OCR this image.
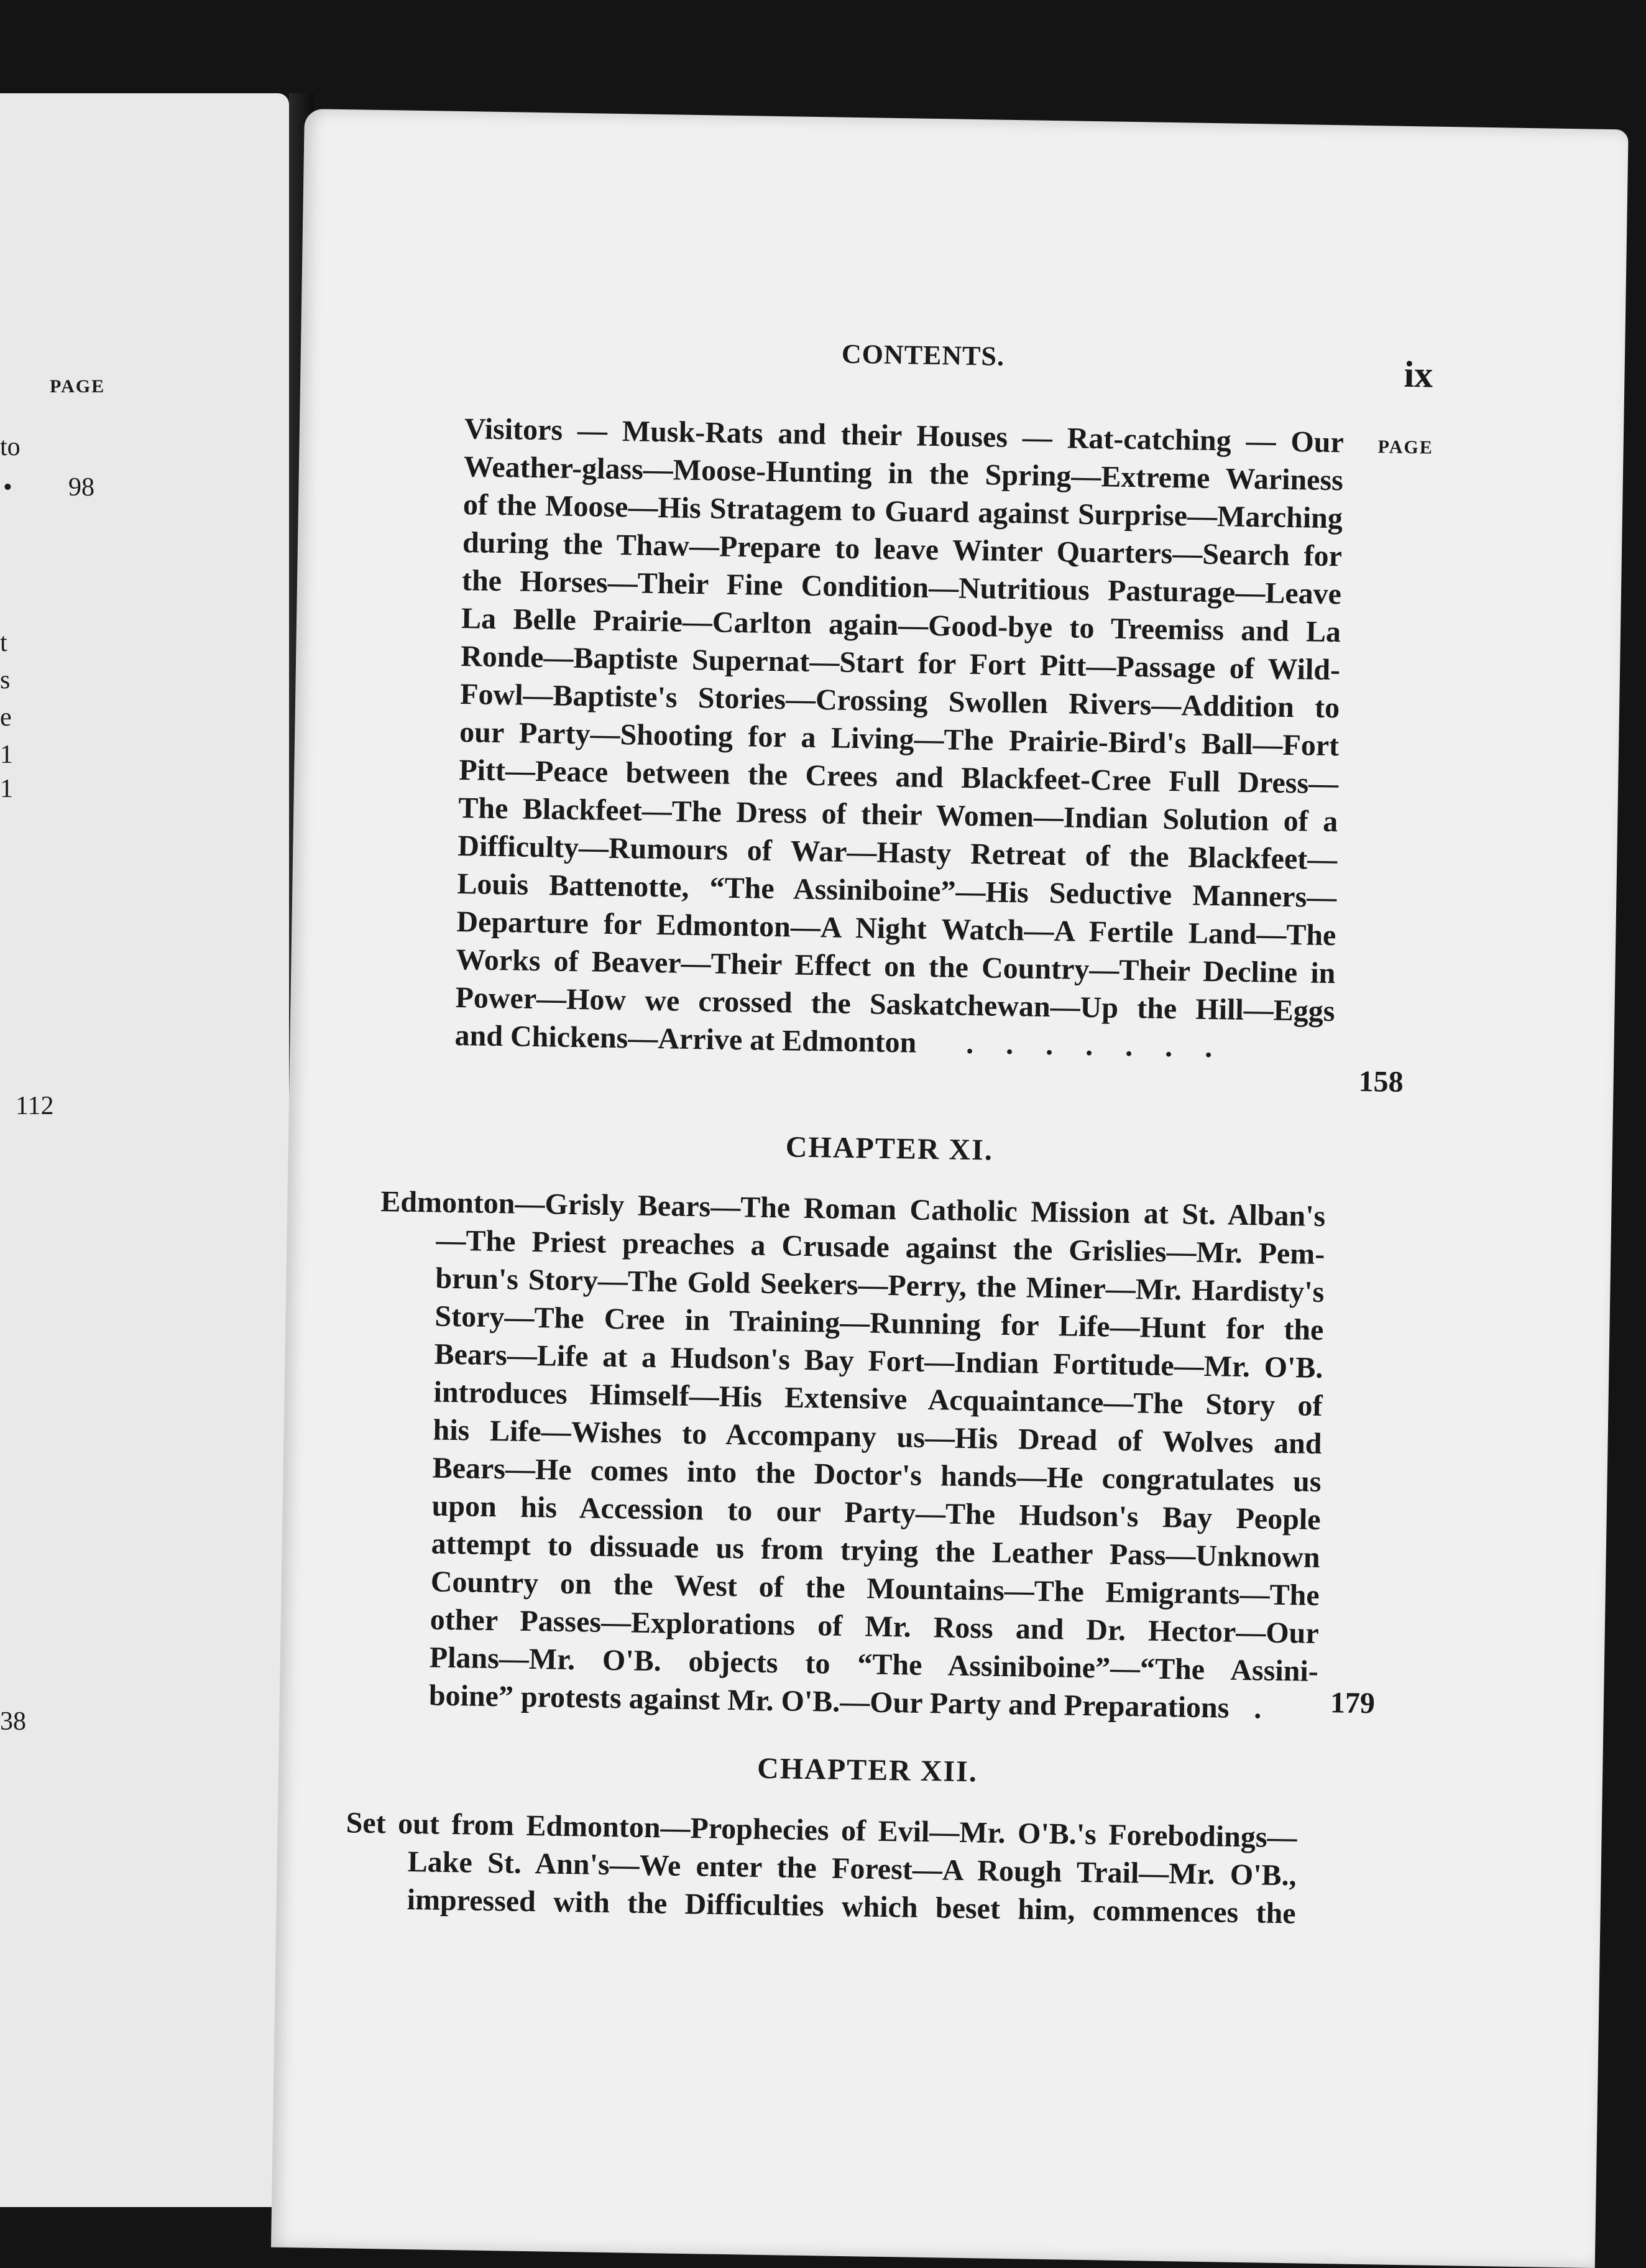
PAGE
to
• 98
t
s
e
1
1
112
38
CONTENTS.	ix
PAGE
Visitors — Musk-Rats and their Houses — Rat-catching — Our
Weather-glass—Moose-Hunting in the Spring—Extreme Wariness
of the Moose—His Stratagem to Guard against Surprise—Marching
during the Thaw—Prepare to leave Winter Quarters—Search for
the Horses—Their Fine Condition—Nutritious Pasturage—Leave
La Belle Prairie—Carlton again—Good-bye to Treemiss and La
Ronde—Baptiste Supernat—Start for Fort Pitt—Passage of Wild-
Fowl—Baptiste's Stories—Crossing Swollen Rivers—Addition to
our Party—Shooting for a Living—The Prairie-Bird's Ball—Fort
Pitt—Peace between the Crees and Blackfeet-Cree Full Dress—
The Blackfeet—The Dress of their Women—Indian Solution of a
Difficulty—Rumours of War—Hasty Retreat of the Blackfeet—
Louis Battenotte, “The Assiniboine”—His Seductive Manners—
Departure for Edmonton—A Night Watch—A Fertile Land—The
Works of Beaver—Their Effect on the Country—Their Decline in
Power—How we crossed the Saskatchewan—Up the Hill—Eggs
and Chickens—Arrive at Edmonton . . . . . . .
158
CHAPTER XI.
Edmonton—Grisly Bears—The Roman Catholic Mission at St. Alban's
—The Priest preaches a Crusade against the Grislies—Mr. Pem-
brun's Story—The Gold Seekers—Perry, the Miner—Mr. Hardisty's
Story—The Cree in Training—Running for Life—Hunt for the
Bears—Life at a Hudson's Bay Fort—Indian Fortitude—Mr. O'B.
introduces Himself—His Extensive Acquaintance—The Story of
his Life—Wishes to Accompany us—His Dread of Wolves and
Bears—He comes into the Doctor's hands—He congratulates us
upon his Accession to our Party—The Hudson's Bay People
attempt to dissuade us from trying the Leather Pass—Unknown
Country on the West of the Mountains—The Emigrants—The
other Passes—Explorations of Mr. Ross and Dr. Hector—Our
Plans—Mr. O'B. objects to “The Assiniboine”—“The Assini-
boine” protests against Mr. O'B.—Our Party and Preparations .	179
CHAPTER XII.
Set out from Edmonton—Prophecies of Evil—Mr. O'B.'s Forebodings—
Lake St. Ann's—We enter the Forest—A Rough Trail—Mr. O'B.,
impressed with the Difficulties which beset him, commences the
